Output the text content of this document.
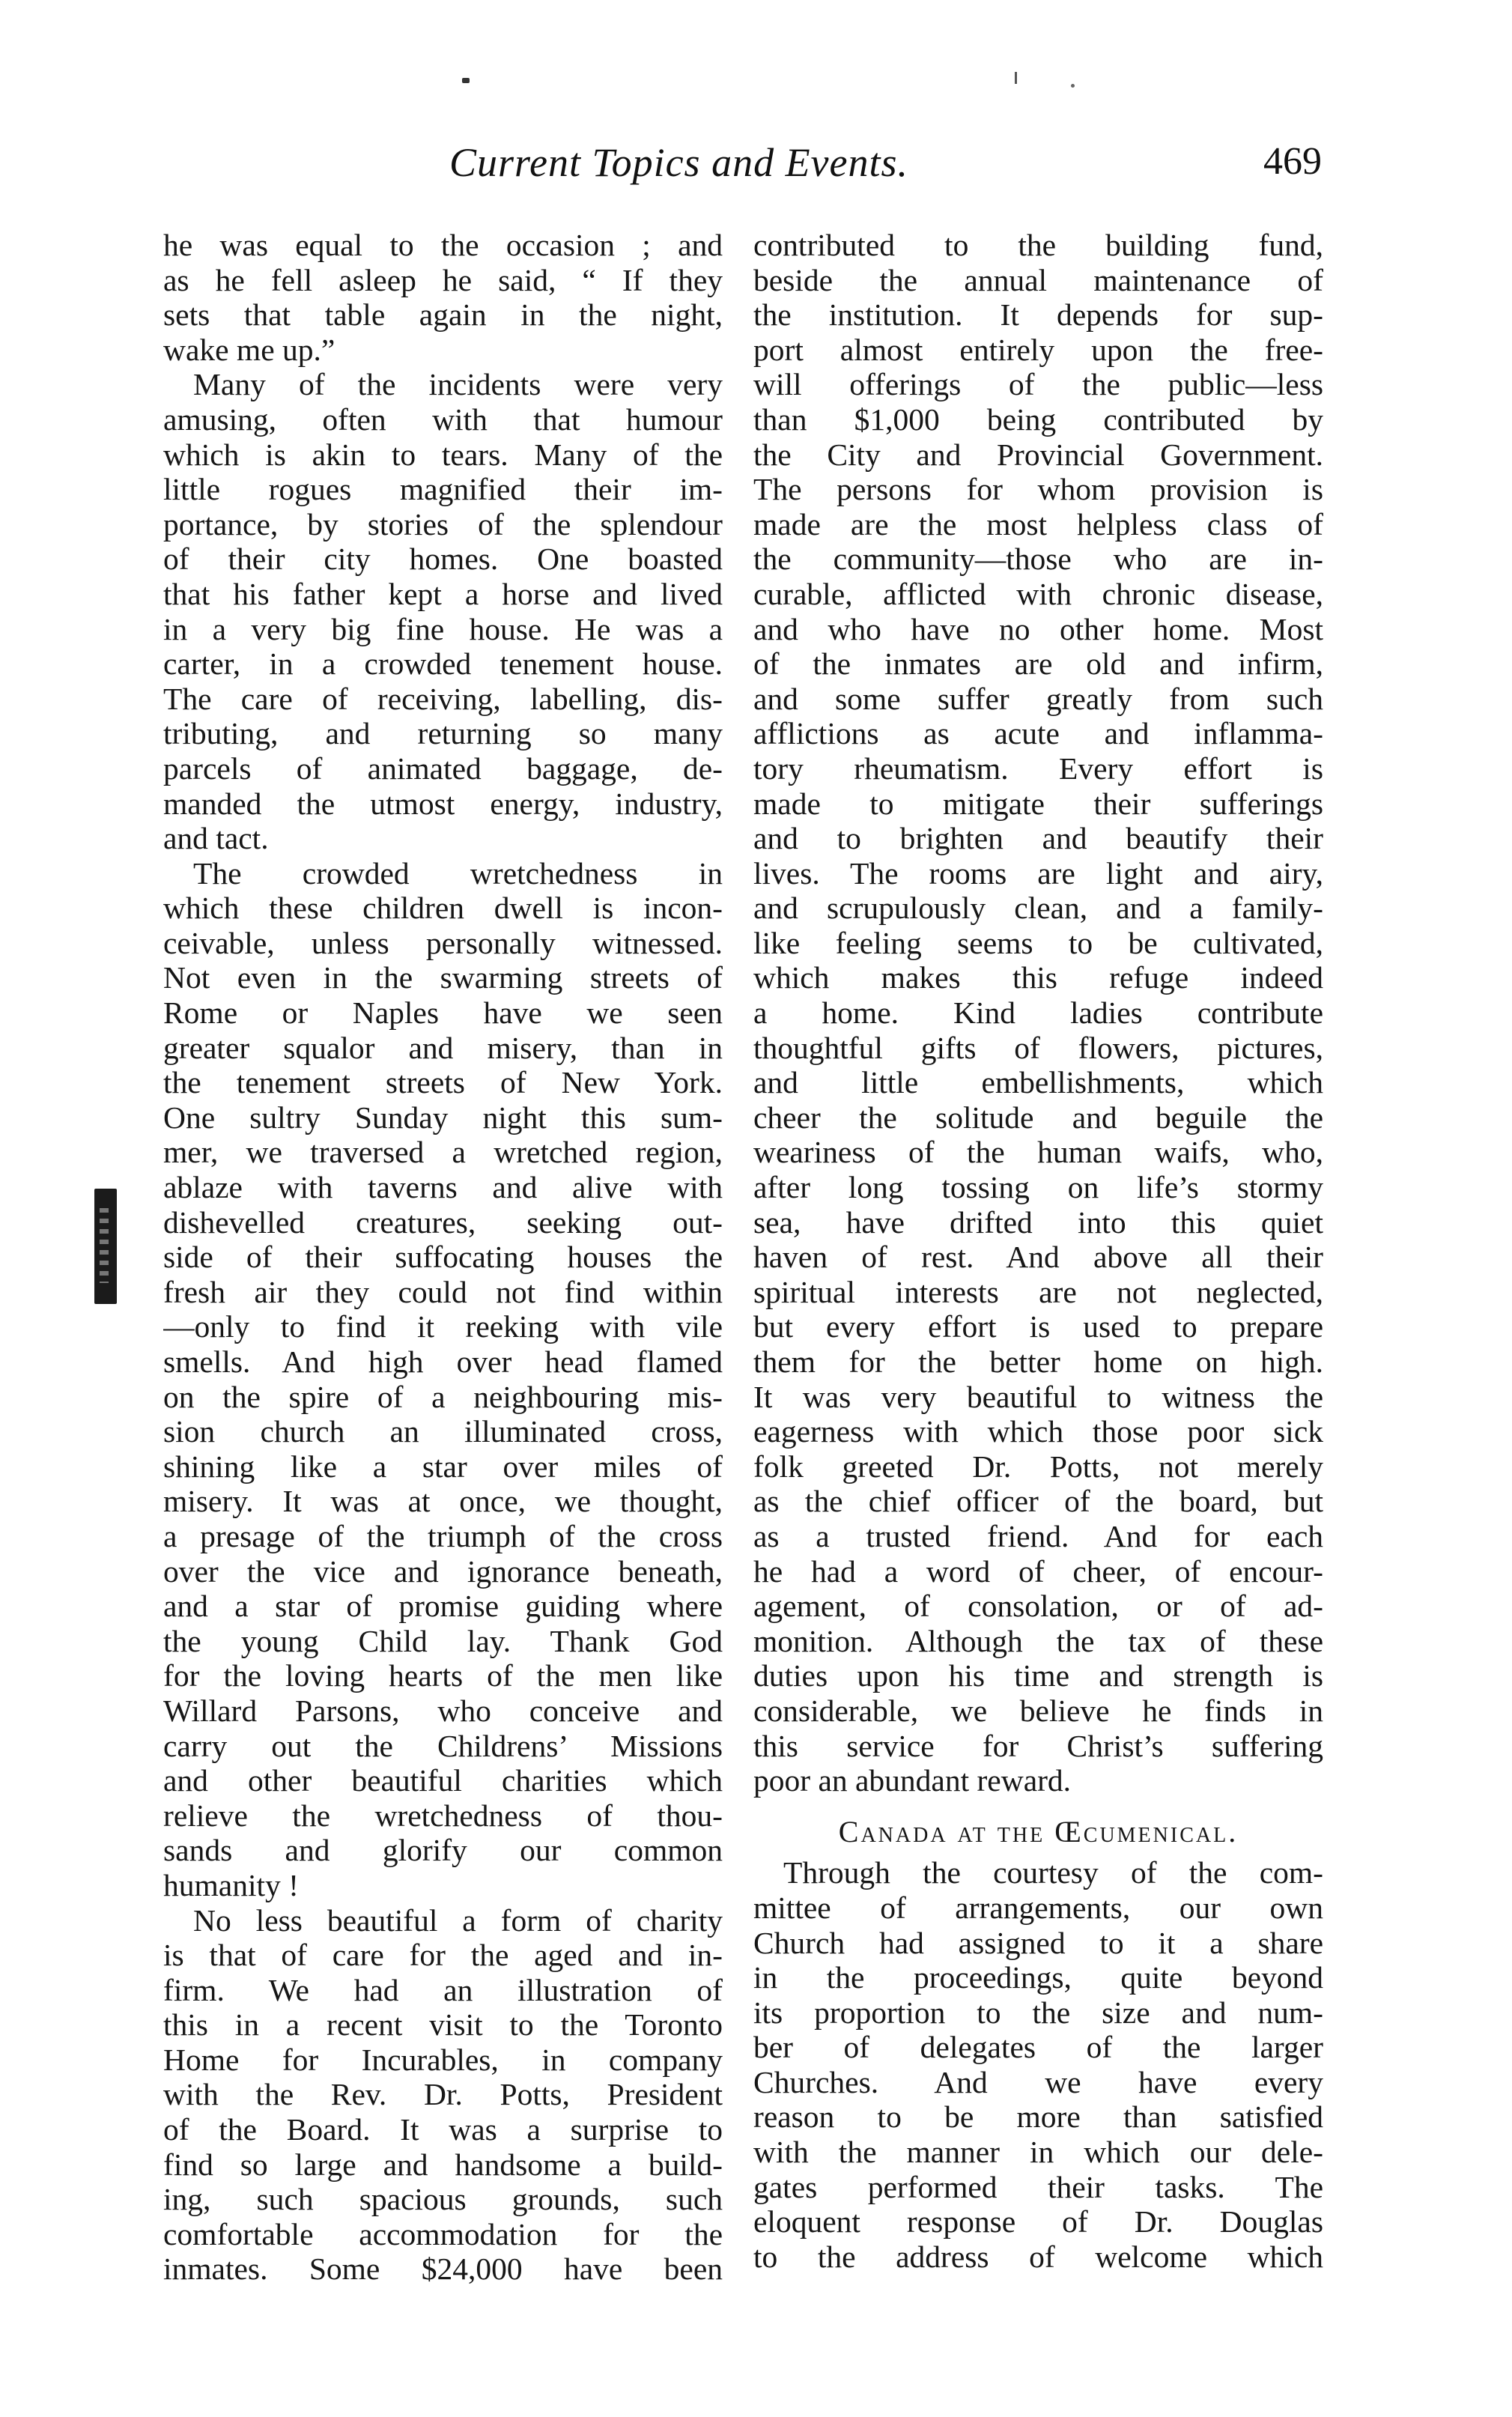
Current Topics and Events.	469
he was equal to the occasion ; and
as he fell asleep he said, “ If they
sets that table again in the night,
wake me up.”
Many of the incidents were very
amusing, often with that humour
which is akin to tears. Many of the
little rogues magnified their im-
portance, by stories of the splendour
of their city homes. One boasted
that his father kept a horse and lived
in a very big fine house. He was a
carter, in a crowded tenement house.
The care of receiving, labelling, dis-
tributing, and returning so many
parcels of animated baggage, de-
manded the utmost energy, industry,
and tact.
The crowded wretchedness in
which these children dwell is incon-
ceivable, unless personally witnessed.
Not even in the swarming streets of
Rome or Naples have we seen
greater squalor and misery, than in
the tenement streets of New York.
One sultry Sunday night this sum-
mer, we traversed a wretched region,
ablaze with taverns and alive with
dishevelled creatures, seeking out-
side of their suffocating houses the
fresh air they could not find within
—only to find it reeking with vile
smells. And high over head flamed
on the spire of a neighbouring mis-
sion church an illuminated cross,
shining like a star over miles of
misery. It was at once, we thought,
a presage of the triumph of the cross
over the vice and ignorance beneath,
and a star of promise guiding where
the young Child lay. Thank God
for the loving hearts of the men like
Willard Parsons, who conceive and
carry out the Childrens’ Missions
and other beautiful charities which
relieve the wretchedness of thou-
sands and glorify our common
humanity !
No less beautiful a form of charity
is that of care for the aged and in-
firm. We had an illustration of
this in a recent visit to the Toronto
Home for Incurables, in company
with the Rev. Dr. Potts, President
of the Board. It was a surprise to
find so large and handsome a build-
ing, such spacious grounds, such
comfortable accommodation for the
inmates. Some $24,000 have been
contributed to the building fund,
beside the annual maintenance of
the institution. It depends for sup-
port almost entirely upon the free-
will offerings of the public—less
than $1,000 being contributed by
the City and Provincial Government.
The persons for whom provision is
made are the most helpless class of
the community—those who are in-
curable, afflicted with chronic disease,
and who have no other home. Most
of the inmates are old and infirm,
and some suffer greatly from such
afflictions as acute and inflamma-
tory rheumatism. Every effort is
made to mitigate their sufferings
and to brighten and beautify their
lives. The rooms are light and airy,
and scrupulously clean, and a family-
like feeling seems to be cultivated,
which makes this refuge indeed
a home. Kind ladies contribute
thoughtful gifts of flowers, pictures,
and little embellishments, which
cheer the solitude and beguile the
weariness of the human waifs, who,
after long tossing on life’s stormy
sea, have drifted into this quiet
haven of rest. And above all their
spiritual interests are not neglected,
but every effort is used to prepare
them for the better home on high.
It was very beautiful to witness the
eagerness with which those poor sick
folk greeted Dr. Potts, not merely
as the chief officer of the board, but
as a trusted friend. And for each
he had a word of cheer, of encour-
agement, of consolation, or of ad-
monition. Although the tax of these
duties upon his time and strength is
considerable, we believe he finds in
this service for Christ’s suffering
poor an abundant reward.
Canada at the Œcumenical.
Through the courtesy of the com-
mittee of arrangements, our own
Church had assigned to it a share
in the proceedings, quite beyond
its proportion to the size and num-
ber of delegates of the larger
Churches. And we have every
reason to be more than satisfied
with the manner in which our dele-
gates performed their tasks. The
eloquent response of Dr. Douglas
to the address of welcome which
